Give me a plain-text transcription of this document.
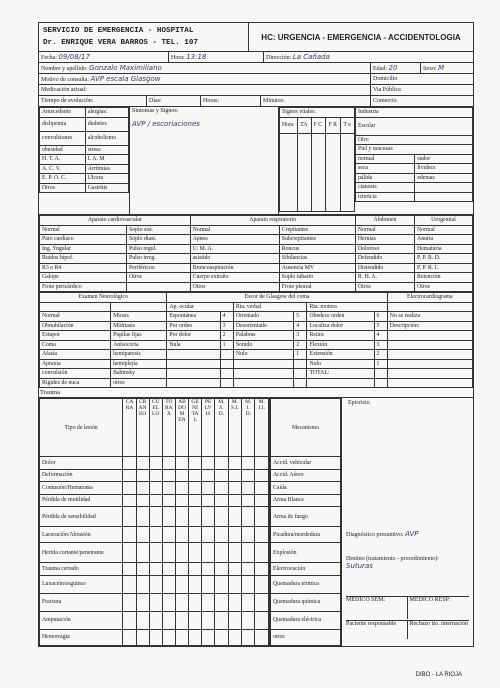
SERVICIO DE EMERGENCIA - HOSPITAL
Dr. ENRIQUE VERA BARROS - TEL. 107
HC: URGENCIA - EMERGENCIA - ACCIDENTOLOGIA
Fecha: 09/08/17	Hora: 13:18	Dirección: La Cañada
Nombre y apellido: Gonzalo Maximiliano	Edad: 20	Sexo: M
Motivo de consulta: AVP escala Glasgow	Domicilio
Medicación actual:	Via Pública
Tiempo de evolución:	Días:	Horas:	Minutos:	Comercio
Antecedente	alergias:
dislipemia	diabetes
convulsiones	alcoholismo
obesidad	stress
H. T. A.	I. A. M
A. C. V.	Arritmias
E. P. O. C.	Ulcera
Otros	Gastritis
Síntomas y Signos:
AVP / escoriaciones
Signos vitales:				
Hora	TA	F C	F R	T e

Industria	
Escolar	
Otro	
Piel y mucusas	
normal	sudor
seca	lividecs
pálida	edemas
cianosis	
ictericia	
Aparato cardiovascular		Aparato respiratorio		Abdomen	Urogenital
Normal	Soplo sist.	Normal	Crepitantes	Normal	Normal
Paro cardíaco	Soplo diast.	Apnea	Subcrepitantes	Hernias	Anuria
Ing. Yugular	Pulso regul.	U. M. A.	Roncus	Doloroso	Hematuria
Ruidos hipof.	Pulso irreg.	asistido	Sibilancias	Defendido	P. P. R. D.
R3 o R4	Periféricos:	Broncoaspiración	Ausencia MV	Distendido	P. P. R. I.
Galope	Otros	Cuerpo extraño	Soplo tubario	R. H. A.	Retención
Frote pericárdico		Otros	Frote pleural	Otros	Otros
Examen Neurológico		Escor de Glasgow del coma						Electrocardiograma
		Ap. ocular		Rta. verbal		Rta. motora		
Normal	Miosis	Espontánea	4	Orientado	5	Obedece orden	6	No se realiza
Obnubilación	Midriasis	Por orden	3	Desorientado	4	Localiza dolor	5	Descripción:
Estupor	Pupilas fijas	Por dolor	2	Palabras	3	Retira	4	
Coma	Anisocoria	Nula	1	Sonido	2	Flexión	3	
Afasia	hemiparesis			Nulo	1	Extensión	2	
Apraxia	hemiplejía					Nulo	1	
convulsión	Babinsky					TOTAL:		
Rigidez de nuca	otros							
Trauma
Tipo de lesión	CARA	CRANEO	CUELLO	TORAX	ABDOMEN	GENITAL	PELVIS	M.S.D.	M.S.I.	M.I.D.	M.I.I.
Dolor											
Deformación											
Contusión/Hematoma											
Pérdida de motilidad											
Pérdida de sensibilidad											
Laceración/Abrasión											
Herida cortante/penetrante											
Trauma cerrado											
Luxación/esguince											
Fractura											
Amputación											
Hemorragia											
Mecanismo
Accid. vehicular
Accid. Aéreo
Caída
Arma Blanca
Arma de fuego
Picadura/mordedura
Explosión
Electrocución
Quemadura térmica
Quemadura química
Quemadura eléctrica
otros
Epicrisis:
Diagnóstico presuntivo: AVP
Destino (tratamiento - procedimiento):
Suturas
MEDICO SEM:	MEDICO RESP:
Paciente responsable	Rechazo tto. internación
DIBO - LA RIOJA
